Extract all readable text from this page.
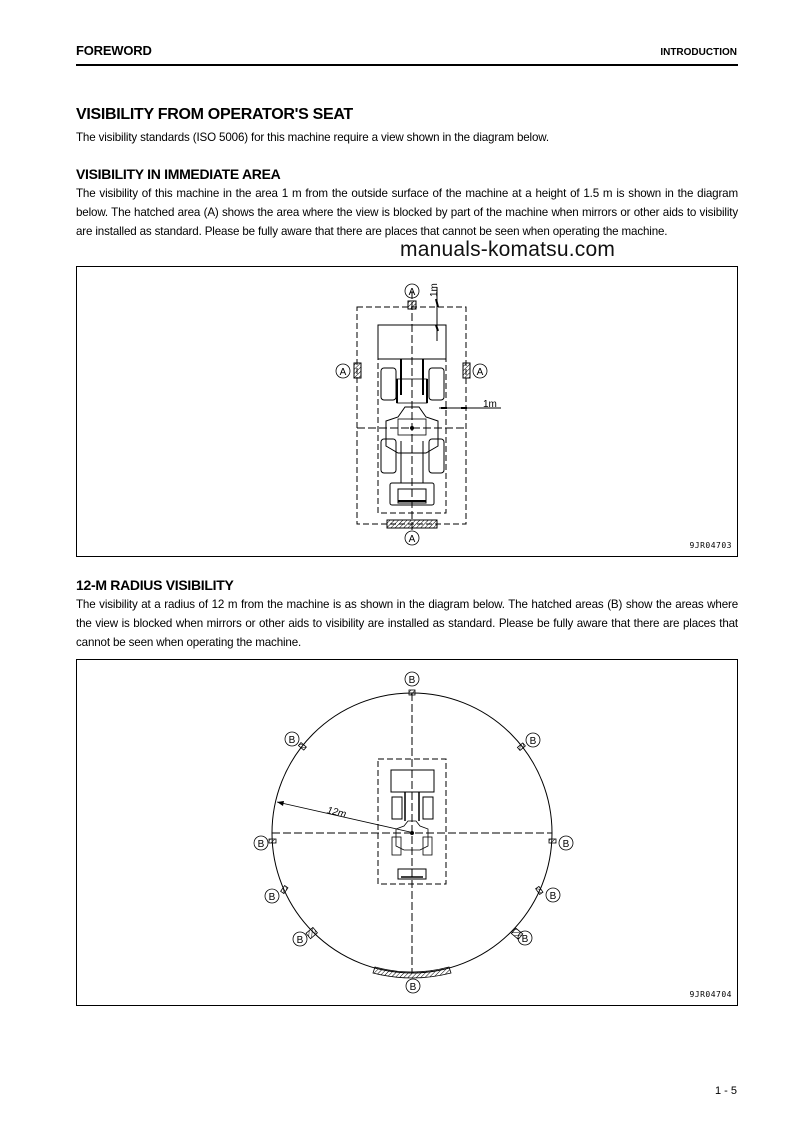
FOREWORD	INTRODUCTION
VISIBILITY FROM OPERATOR'S SEAT
The visibility standards (ISO 5006) for this machine require a view shown in the diagram below.
VISIBILITY IN IMMEDIATE AREA
The visibility of this machine in the area 1 m from the outside surface of the machine at a height of 1.5 m is shown in the diagram below. The hatched area (A) shows the area where the view is blocked by part of the machine when mirrors or other aids to visibility are installed as standard. Please be fully aware that there are places that cannot be seen when operating the machine.
manuals-komatsu.com
1m
1m
A
A	A
A
9JR04703
12-M RADIUS VISIBILITY
The visibility at a radius of 12 m from the machine is as shown in the diagram below. The hatched areas (B) show the areas where the view is blocked when mirrors or other aids to visibility are installed as standard. Please be fully aware that there are places that cannot be seen when operating the machine.
12m
B
B	B
B	B
B	B
B	B
B
9JR04704
1 - 5
